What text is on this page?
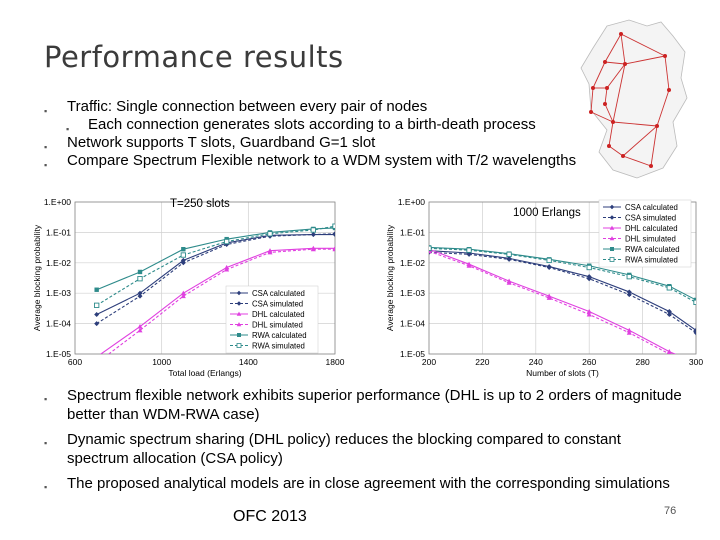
Performance results
▪ Traffic: Single connection between every pair of nodes
▪ Each connection generates slots according to a birth-death process
▪ Network supports T slots, Guardband G=1 slot
▪ Compare Spectrum Flexible network to a WDM system with T/2 wavelengths
1.E+00
1.E-01
1.E-02
1.E-03
1.E-04
1.E-05
600	1000	1400	1800
Total load (Erlangs)
Average blocking probability	CSA calculated
CSA simulated
DHL calculated
DHL simulated
RWA calculated
RWA simulated
T=250 slots	1.E+00
1.E-01
1.E-02
1.E-03
1.E-04
1.E-05
200	220	240	260	280	300
Number of slots (T)
Average blocking probability
CSA calculated
CSA simulated
DHL calculated
DHL simulated
RWA calculated
RWA simulated
1000 Erlangs
▪ Spectrum flexible network exhibits superior performance (DHL is up to 2 orders of magnitude better than WDM-RWA case)
▪ Dynamic spectrum sharing (DHL policy) reduces the blocking compared to constant spectrum allocation (CSA policy)
▪ The proposed analytical models are in close agreement with the corresponding simulations
OFC 2013	76
